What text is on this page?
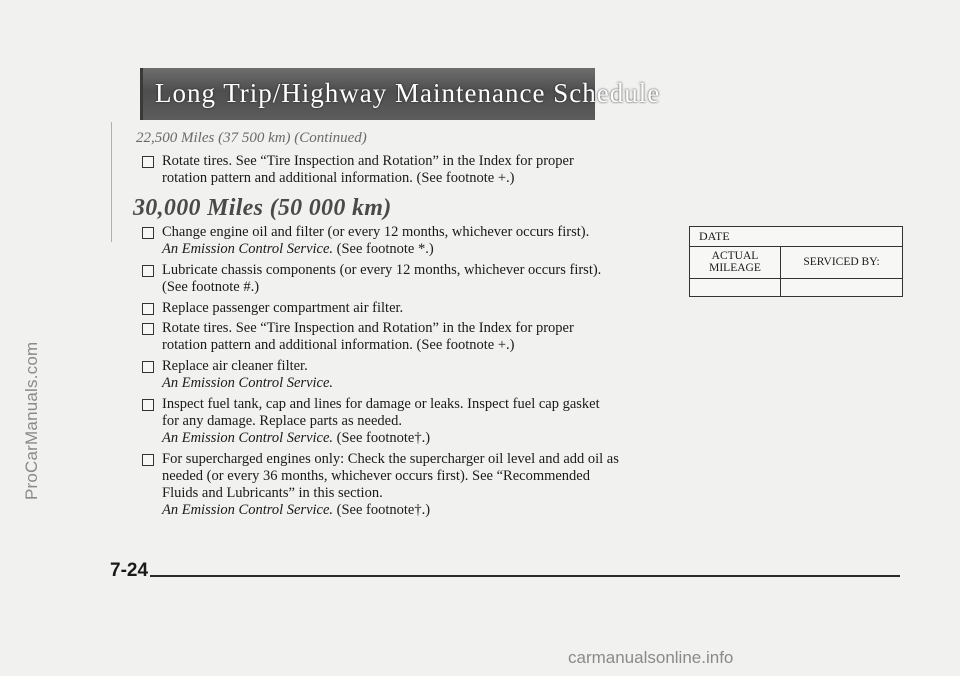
ProCarManuals.com
carmanualsonline.info
Long Trip/Highway Maintenance Schedule
22,500 Miles (37 500 km) (Continued)
Rotate tires. See “Tire Inspection and Rotation” in the Index for proper
rotation pattern and additional information. (See footnote +.)
30,000 Miles (50 000 km)
Change engine oil and filter (or every 12 months, whichever occurs first).
An Emission Control Service. (See footnote *.)
Lubricate chassis components (or every 12 months, whichever occurs first).
(See footnote #.)
Replace passenger compartment air filter.
Rotate tires. See “Tire Inspection and Rotation” in the Index for proper
rotation pattern and additional information. (See footnote +.)
Replace air cleaner filter.
An Emission Control Service.
Inspect fuel tank, cap and lines for damage or leaks. Inspect fuel cap gasket
for any damage. Replace parts as needed.
An Emission Control Service. (See footnote†.)
For supercharged engines only: Check the supercharger oil level and add oil as
needed (or every 36 months, whichever occurs first). See “Recommended
Fluids and Lubricants” in this section.
An Emission Control Service. (See footnote†.)
DATE
ACTUAL
MILEAGE	SERVICED BY:
7-24
